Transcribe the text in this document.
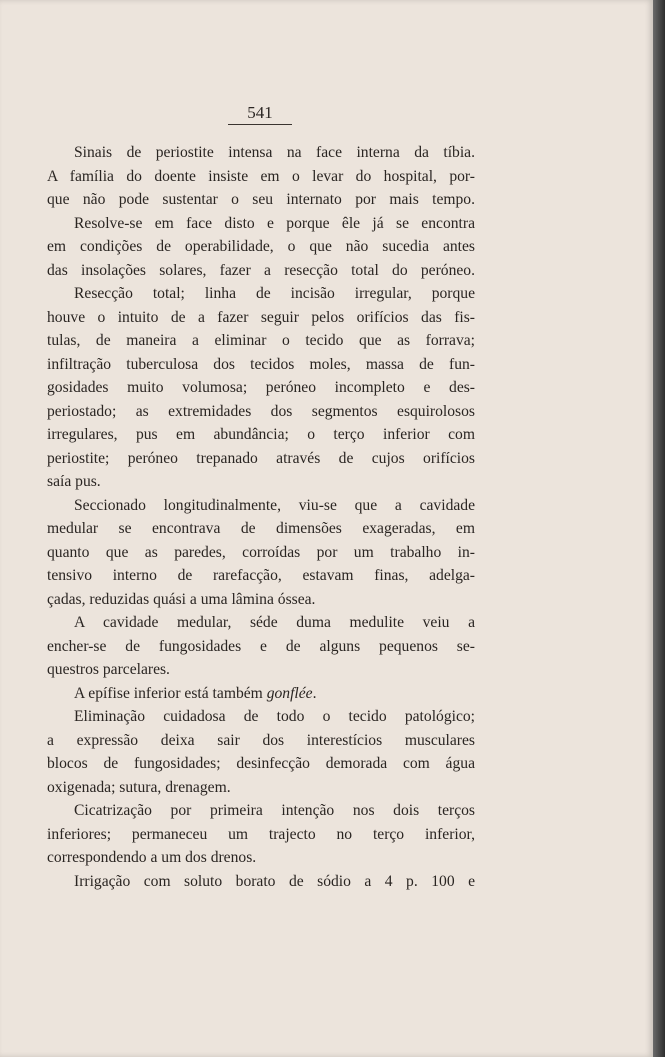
541
Sinais de periostite intensa na face interna da tíbia.
A família do doente insiste em o levar do hospital, por-
que não pode sustentar o seu internato por mais tempo.
Resolve-se em face disto e porque êle já se encontra
em condições de operabilidade, o que não sucedia antes
das insolações solares, fazer a resecção total do peróneo.
Resecção total; linha de incisão irregular, porque
houve o intuito de a fazer seguir pelos orifícios das fis-
tulas, de maneira a eliminar o tecido que as forrava;
infiltração tuberculosa dos tecidos moles, massa de fun-
gosidades muito volumosa; peróneo incompleto e des-
periostado; as extremidades dos segmentos esquirolosos
irregulares, pus em abundância; o terço inferior com
periostite; peróneo trepanado através de cujos orifícios
saía pus.
Seccionado longitudinalmente, viu-se que a cavidade
medular se encontrava de dimensões exageradas, em
quanto que as paredes, corroídas por um trabalho in-
tensivo interno de rarefacção, estavam finas, adelga-
çadas, reduzidas quási a uma lâmina óssea.
A cavidade medular, séde duma medulite veiu a
encher-se de fungosidades e de alguns pequenos se-
questros parcelares.
A epífise inferior está também gonflée.
Eliminação cuidadosa de todo o tecido patológico;
a expressão deixa sair dos interestícios musculares
blocos de fungosidades; desinfecção demorada com água
oxigenada; sutura, drenagem.
Cicatrização por primeira intenção nos dois terços
inferiores; permaneceu um trajecto no terço inferior,
correspondendo a um dos drenos.
Irrigação com soluto borato de sódio a 4 p. 100 e
